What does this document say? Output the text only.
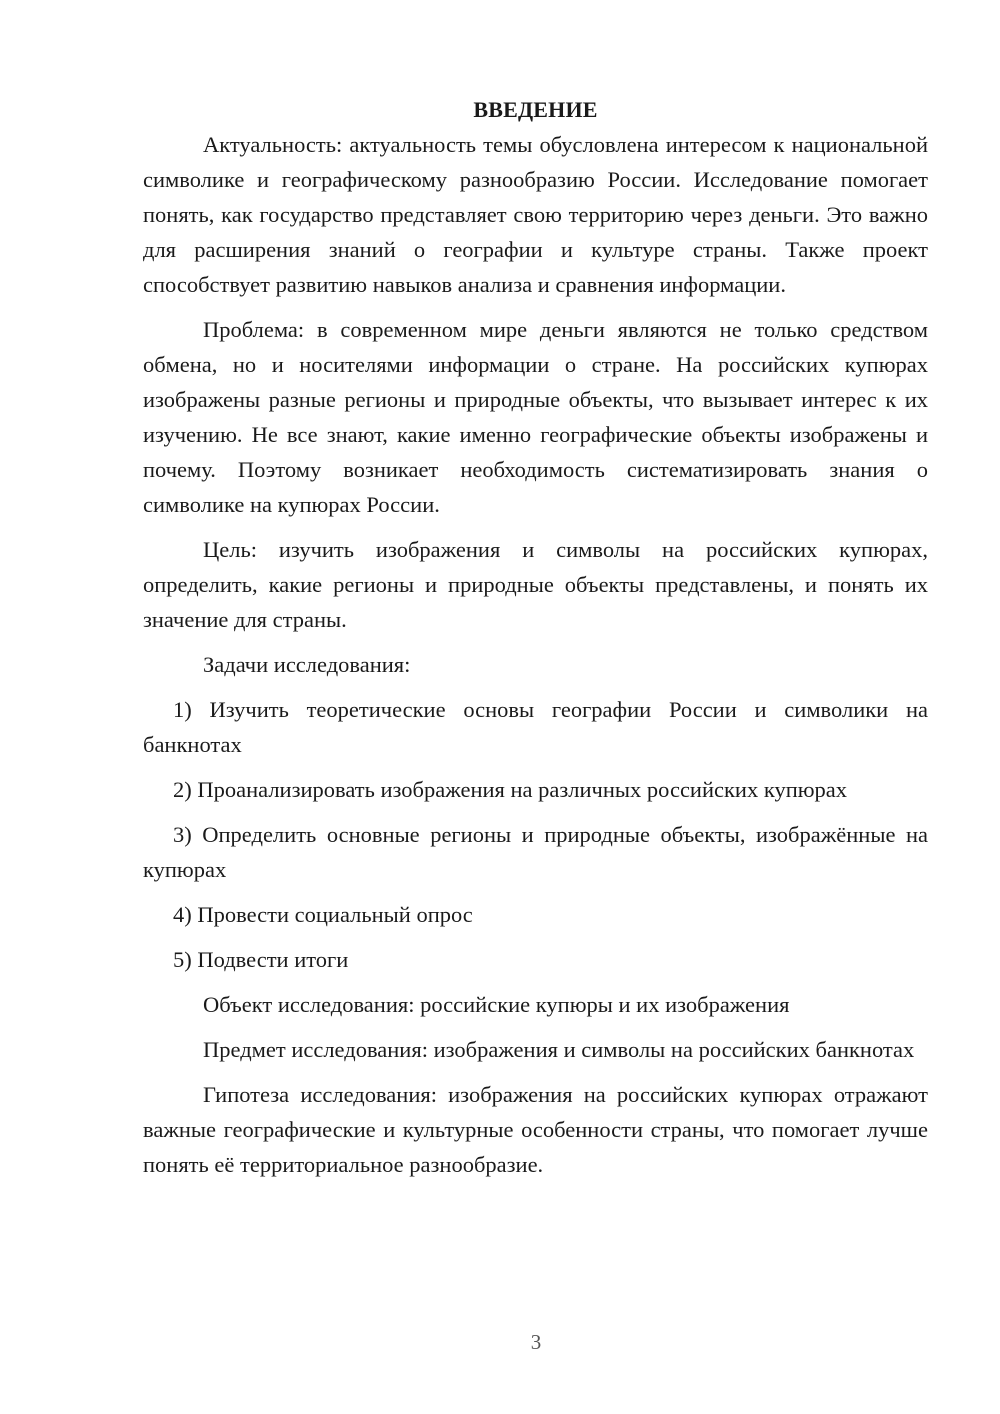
ВВЕДЕНИЕ

Актуальность: актуальность темы обусловлена интересом к национальной символике и географическому разнообразию России. Исследование помогает понять, как государство представляет свою территорию через деньги. Это важно для расширения знаний о географии и культуре страны. Также проект способствует развитию навыков анализа и сравнения информации.

Проблема: в современном мире деньги являются не только средством обмена, но и носителями информации о стране. На российских купюрах изображены разные регионы и природные объекты, что вызывает интерес к их изучению. Не все знают, какие именно географические объекты изображены и почему. Поэтому возникает необходимость систематизировать знания о символике на купюрах России.

Цель: изучить изображения и символы на российских купюрах, определить, какие регионы и природные объекты представлены, и понять их значение для страны.

Задачи исследования:

1) Изучить теоретические основы географии России и символики на банкнотах

2) Проанализировать изображения на различных российских купюрах

3) Определить основные регионы и природные объекты, изображённые на купюрах

4) Провести социальный опрос

5) Подвести итоги

Объект исследования: российские купюры и их изображения

Предмет исследования: изображения и символы на российских банкнотах

Гипотеза исследования: изображения на российских купюрах отражают важные географические и культурные особенности страны, что помогает лучше понять её территориальное разнообразие.

3
